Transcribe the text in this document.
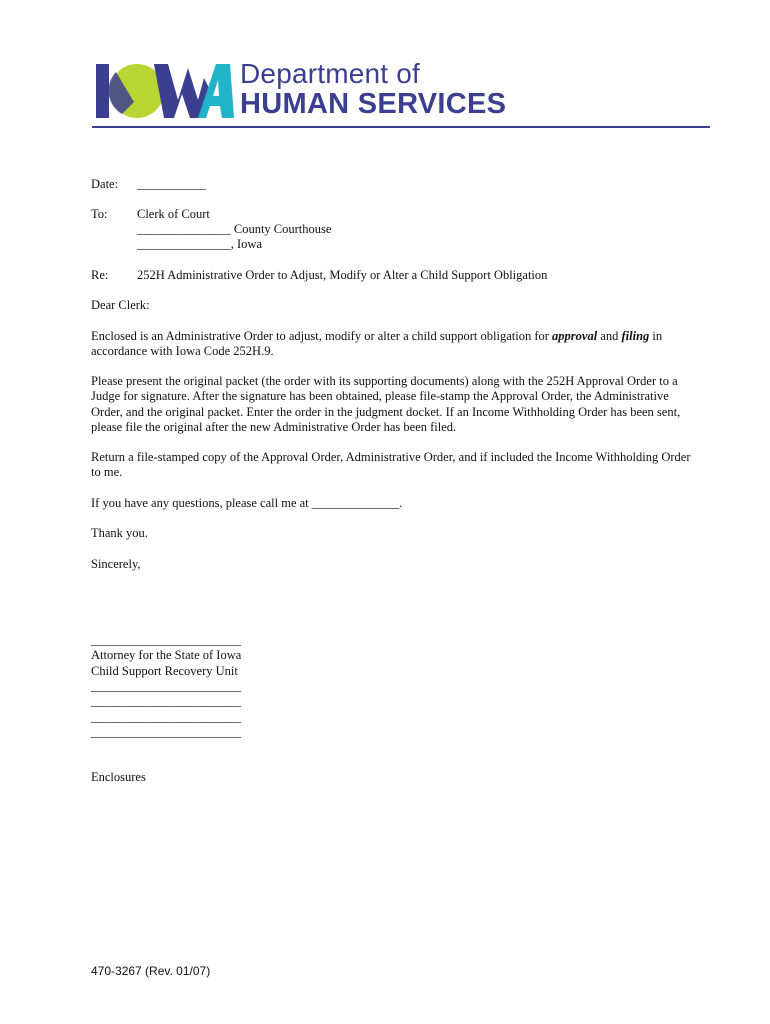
Department of
HUMAN SERVICES
Date: ___________
To: Clerk of Court
_______________ County Courthouse
_______________, Iowa
Re: 252H Administrative Order to Adjust, Modify or Alter a Child Support Obligation
Dear Clerk:
Enclosed is an Administrative Order to adjust, modify or alter a child support obligation for approval and filing in accordance with Iowa Code 252H.9.
Please present the original packet (the order with its supporting documents) along with the 252H Approval Order to a Judge for signature. After the signature has been obtained, please file-stamp the Approval Order, the Administrative Order, and the original packet. Enter the order in the judgment docket. If an Income Withholding Order has been sent, please file the original after the new Administrative Order has been filed.
Return a file-stamped copy of the Approval Order, Administrative Order, and if included the Income Withholding Order to me.
If you have any questions, please call me at ______________.
Thank you.
Sincerely,
________________________
Attorney for the State of Iowa
Child Support Recovery Unit
________________________
________________________
________________________
________________________
Enclosures
470-3267 (Rev. 01/07)
